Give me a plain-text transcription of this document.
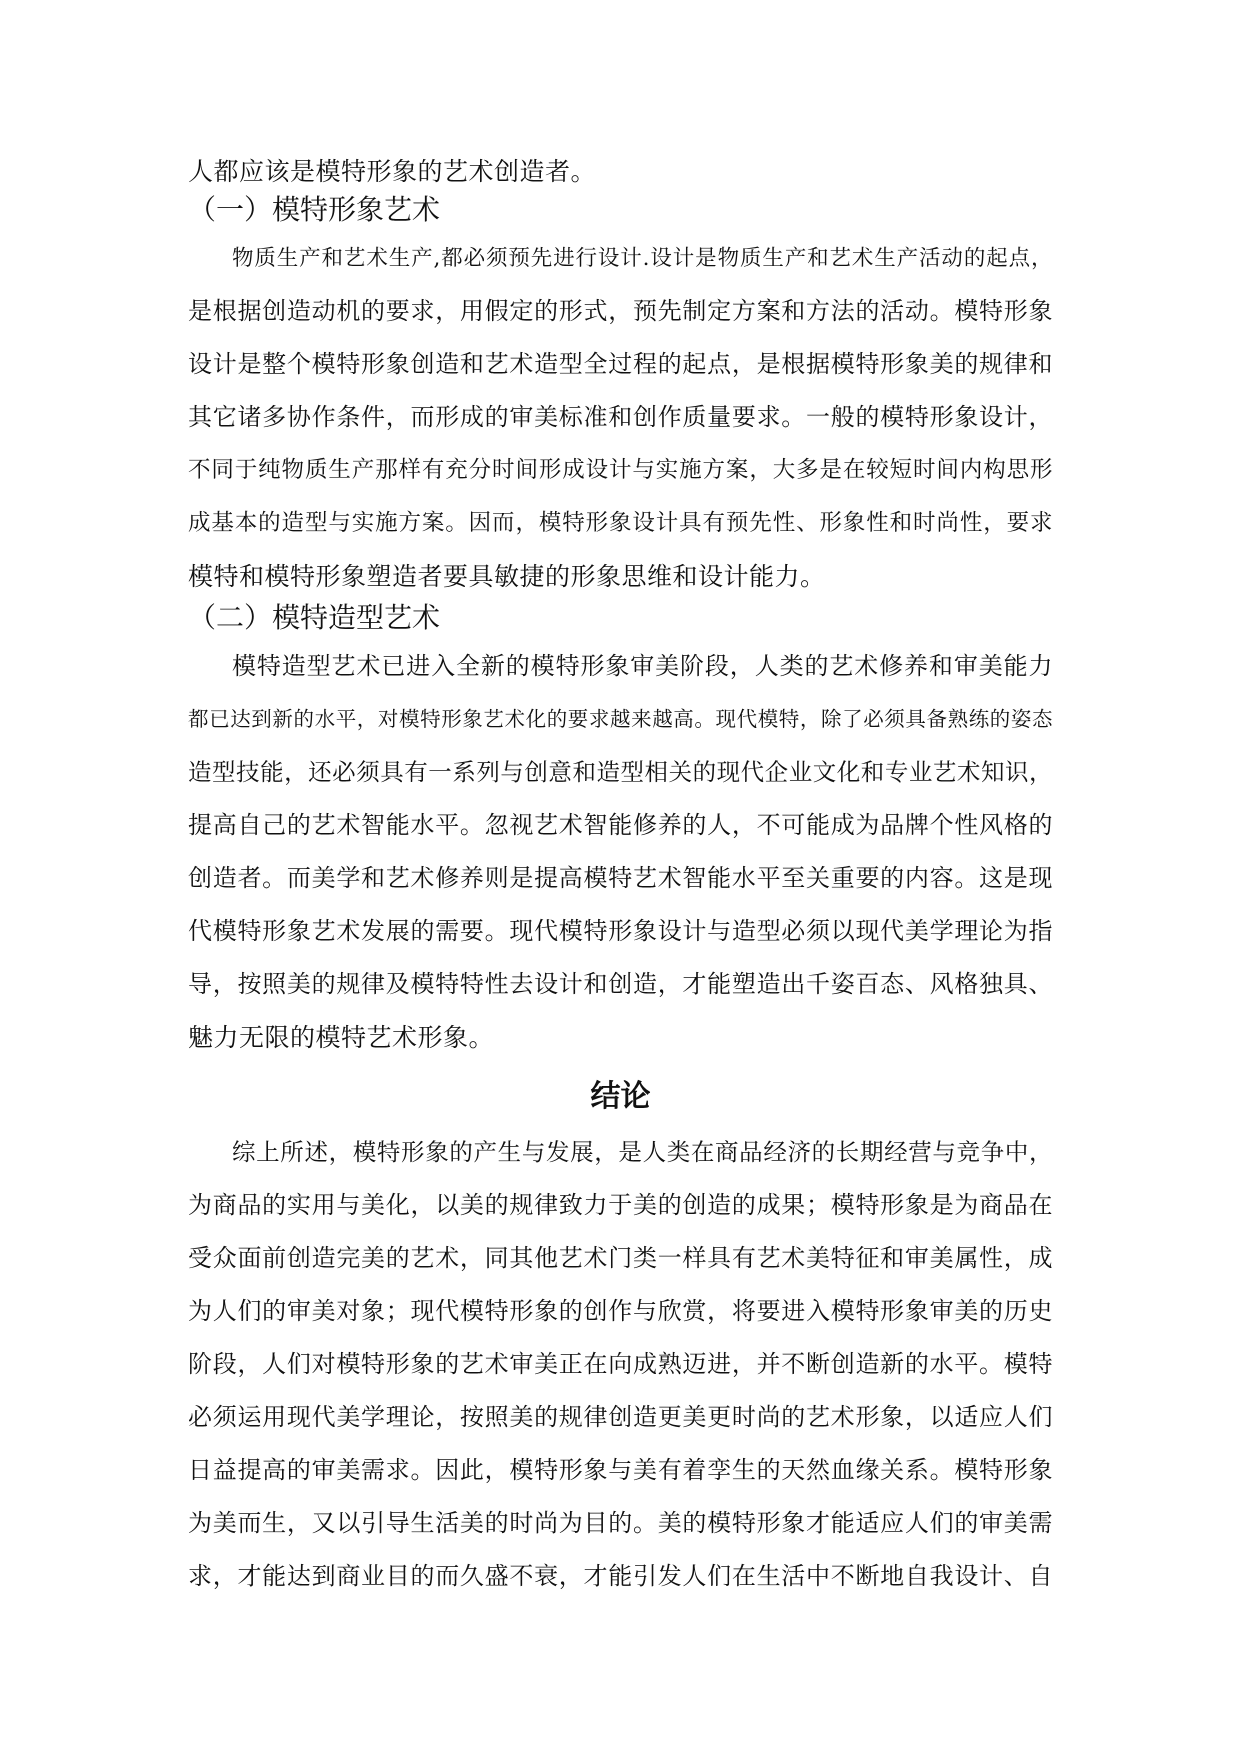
人都应该是模特形象的艺术创造者。
（一）模特形象艺术
物质生产和艺术生产,都必须预先进行设计.设计是物质生产和艺术生产活动的起点，
是根据创造动机的要求，用假定的形式，预先制定方案和方法的活动。模特形象
设计是整个模特形象创造和艺术造型全过程的起点，是根据模特形象美的规律和
其它诸多协作条件，而形成的审美标准和创作质量要求。一般的模特形象设计，
不同于纯物质生产那样有充分时间形成设计与实施方案，大多是在较短时间内构思形
成基本的造型与实施方案。因而，模特形象设计具有预先性、形象性和时尚性，要求
模特和模特形象塑造者要具敏捷的形象思维和设计能力。
（二）模特造型艺术
模特造型艺术已进入全新的模特形象审美阶段，人类的艺术修养和审美能力
都已达到新的水平，对模特形象艺术化的要求越来越高。现代模特，除了必须具备熟练的姿态
造型技能，还必须具有一系列与创意和造型相关的现代企业文化和专业艺术知识，
提高自己的艺术智能水平。忽视艺术智能修养的人，不可能成为品牌个性风格的
创造者。而美学和艺术修养则是提高模特艺术智能水平至关重要的内容。这是现
代模特形象艺术发展的需要。现代模特形象设计与造型必须以现代美学理论为指
导，按照美的规律及模特特性去设计和创造，才能塑造出千姿百态、风格独具、
魅力无限的模特艺术形象。
结论
综上所述，模特形象的产生与发展，是人类在商品经济的长期经营与竞争中，
为商品的实用与美化，以美的规律致力于美的创造的成果；模特形象是为商品在
受众面前创造完美的艺术，同其他艺术门类一样具有艺术美特征和审美属性，成
为人们的审美对象；现代模特形象的创作与欣赏，将要进入模特形象审美的历史
阶段，人们对模特形象的艺术审美正在向成熟迈进，并不断创造新的水平。模特
必须运用现代美学理论，按照美的规律创造更美更时尚的艺术形象，以适应人们
日益提高的审美需求。因此，模特形象与美有着孪生的天然血缘关系。模特形象
为美而生，又以引导生活美的时尚为目的。美的模特形象才能适应人们的审美需
求，才能达到商业目的而久盛不衰，才能引发人们在生活中不断地自我设计、自
